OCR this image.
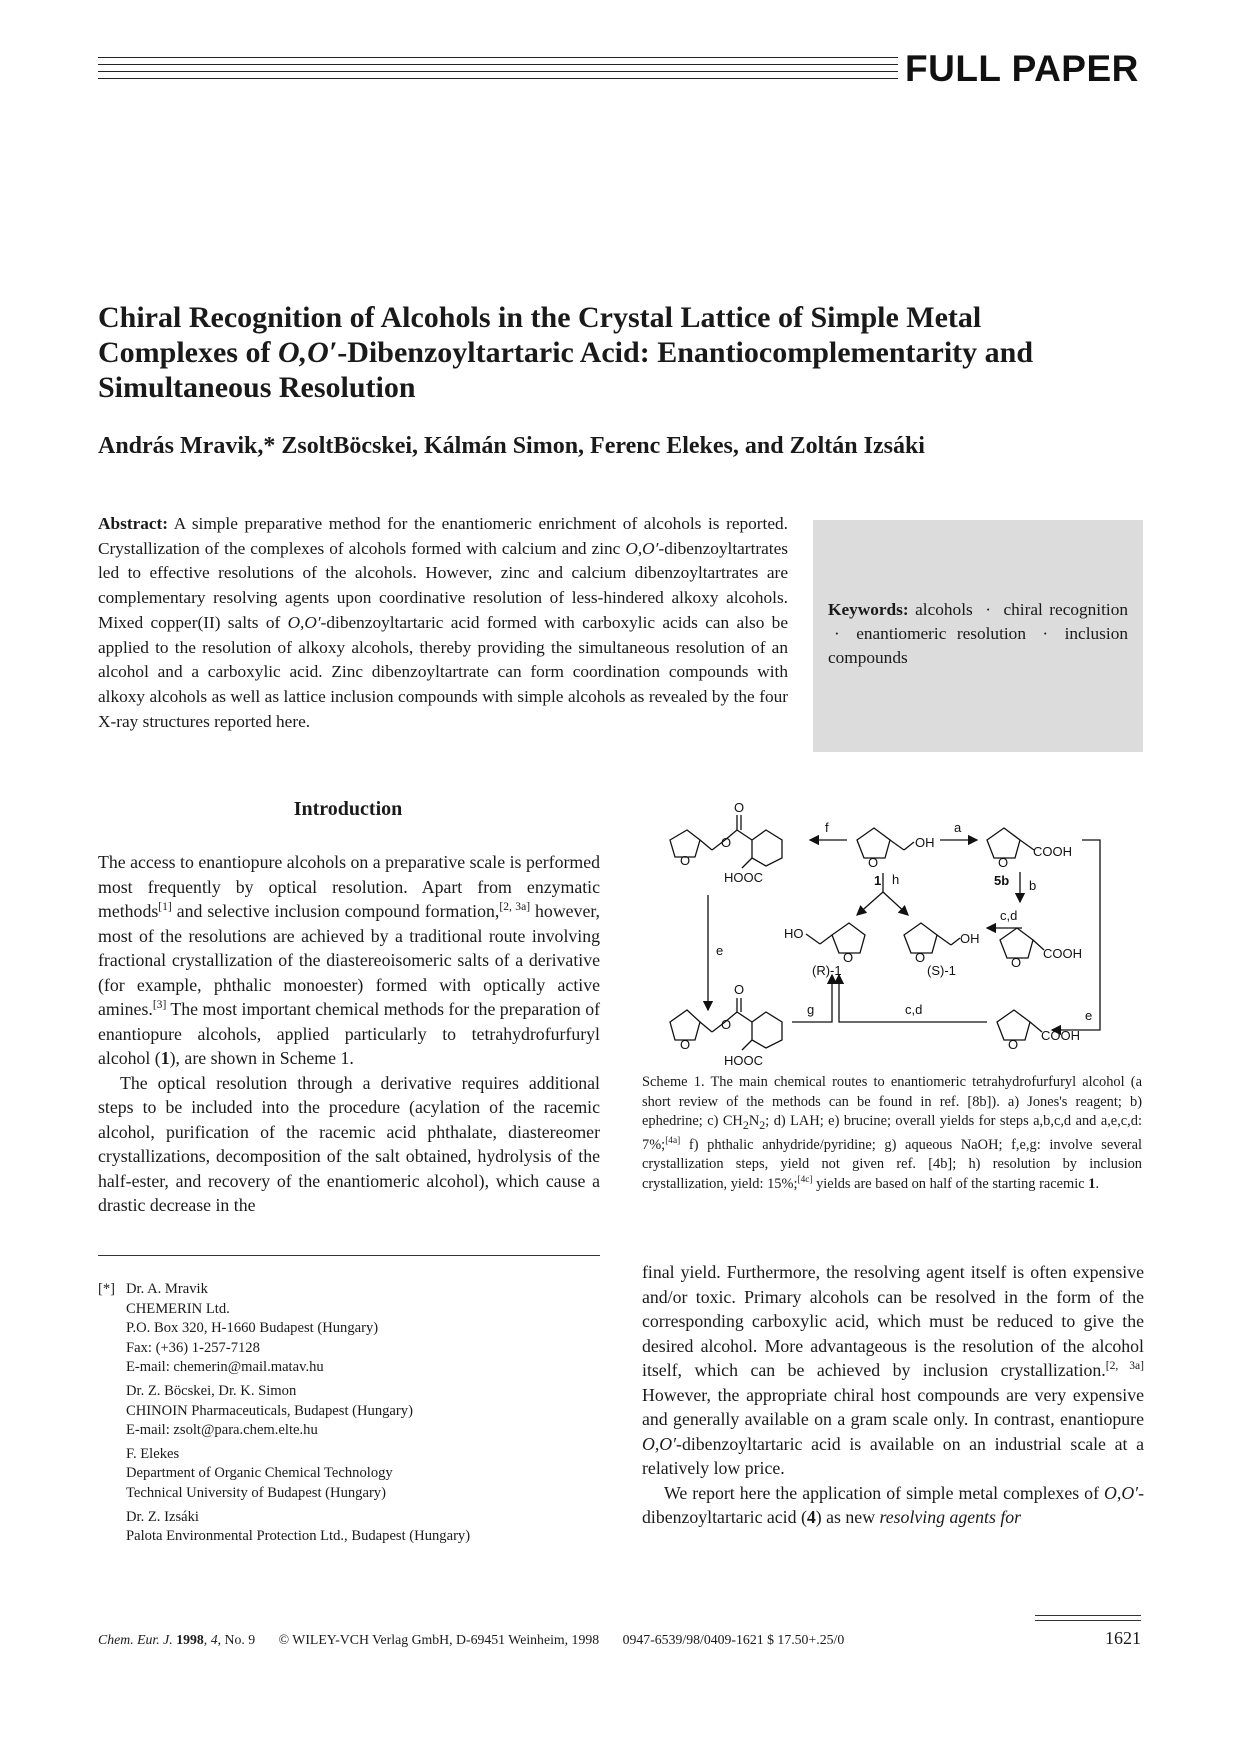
FULL PAPER
Chiral Recognition of Alcohols in the Crystal Lattice of Simple Metal
Complexes of O,O′-Dibenzoyltartaric Acid: Enantiocomplementarity and
Simultaneous Resolution
András Mravik,* ZsoltBöcskei, Kálmán Simon, Ferenc Elekes, and Zoltán Izsáki
Abstract: A simple preparative method for the enantiomeric enrichment of alcohols is reported. Crystallization of the complexes of alcohols formed with calcium and zinc O,O′-dibenzoyltartrates led to effective resolutions of the alcohols. However, zinc and calcium dibenzoyltartrates are complementary resolving agents upon coordinative resolution of less-hindered alkoxy alcohols. Mixed copper(II) salts of O,O′-dibenzoyltartaric acid formed with carboxylic acids can also be applied to the resolution of alkoxy alcohols, thereby providing the simultaneous resolution of an alcohol and a carboxylic acid. Zinc dibenzoyltartrate can form coordination compounds with alkoxy alcohols as well as lattice inclusion compounds with simple alcohols as revealed by the four X-ray structures reported here.
Keywords: alcohols · chiral recognition · enantiomeric resolution · inclusion compounds
Introduction

The access to enantiopure alcohols on a preparative scale is performed most frequently by optical resolution. Apart from enzymatic methods[1] and selective inclusion compound formation,[2, 3a] however, most of the resolutions are achieved by a traditional route involving fractional crystallization of the diastereoisomeric salts of a derivative (for example, phthalic monoester) formed with optically active amines.[3] The most important chemical methods for the preparation of enantiopure alcohols, applied particularly to tetrahydrofurfuryl alcohol (1), are shown in Scheme 1.

The optical resolution through a derivative requires additional steps to be included into the procedure (acylation of the racemic alcohol, purification of the racemic acid phthalate, diastereomer crystallizations, decomposition of the salt obtained, hydrolysis of the half-ester, and recovery of the enantiomeric alcohol), which cause a drastic decrease in the

[*] Dr. A. Mravik
CHEMERIN Ltd.
P.O. Box 320, H-1660 Budapest (Hungary)
Fax: (+36) 1-257-7128
E-mail: chemerin@mail.matav.hu
Dr. Z. Böcskei, Dr. K. Simon
CHINOIN Pharmaceuticals, Budapest (Hungary)
E-mail: zsolt@para.chem.elte.hu
F. Elekes
Department of Organic Chemical Technology
Technical University of Budapest (Hungary)
Dr. Z. Izsáki
Palota Environmental Protection Ltd., Budapest (Hungary)
O
O
O
HOOC
f
O
OH
1
a
O
COOH
5b
e
b
h
HO
O
(R)-1
O
OH
(S)-1
c,d
O
COOH
e
O
O
O
HOOC
g	c,d
O
COOH
Scheme 1. The main chemical routes to enantiomeric tetrahydrofurfuryl alcohol (a short review of the methods can be found in ref. [8b]). a) Jones's reagent; b) ephedrine; c) $CH_2N_2$; d) LAH; e) brucine; overall yields for steps a,b,c,d and a,e,c,d: 7%;[4a] f) phthalic anhydride/pyridine; g) aqueous NaOH; f,e,g: involve several crystallization steps, yield not given ref. [4b]; h) resolution by inclusion crystallization, yield: 15%;[4c] yields are based on half of the starting racemic 1.

final yield. Furthermore, the resolving agent itself is often expensive and/or toxic. Primary alcohols can be resolved in the form of the corresponding carboxylic acid, which must be reduced to give the desired alcohol. More advantageous is the resolution of the alcohol itself, which can be achieved by inclusion crystallization.[2, 3a] However, the appropriate chiral host compounds are very expensive and generally available on a gram scale only. In contrast, enantiopure O,O′-dibenzoyltartaric acid is available on an industrial scale at a relatively low price.

We report here the application of simple metal complexes of O,O′-dibenzoyltartaric acid (4) as new resolving agents for

Chem. Eur. J. 1998, 4, No. 9 © WILEY-VCH Verlag GmbH, D-69451 Weinheim, 1998 0947-6539/98/0409-1621 $ 17.50+.25/0	1621
